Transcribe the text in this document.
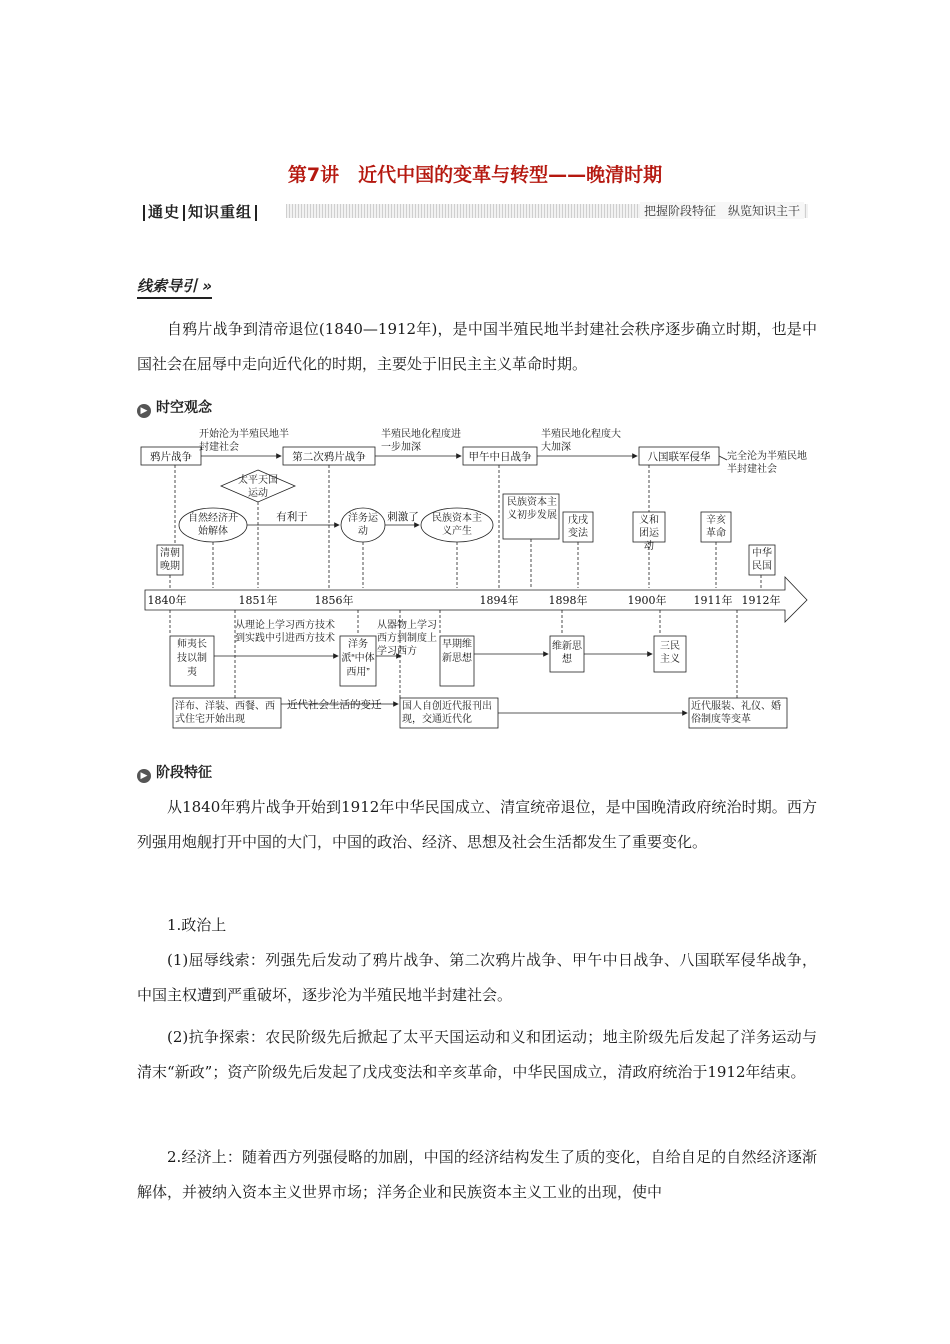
第7讲　近代中国的变革与转型——晚清时期
通史 知识重组	把握阶段特征　纵览知识主干
线索导引 »
自鸦片战争到清帝退位(1840—1912年)，是中国半殖民地半封建社会秩序逐步确立时期，也是中国社会在屈辱中走向近代化的时期，主要处于旧民主主义革命时期。
▶ 时空观念
鸦片战争	第二次鸦片战争	甲午中日战争	八国联军侵华
开始沦为半殖民地半封建社会
半殖民地化程度进一步加深
半殖民地化程度大大加深
完全沦为半殖民地半封建社会
太平天国运动
自然经济开始解体
有利于	洋务运动
刺激了	民族资本主义产生
民族资本主义初步发展	戊戌变法
义和团运动
辛亥革命
清朝晚期
中华民国
1840年	1851年	1856年	1894年	1898年	1900年 1911年 1912年
师夷长技以制夷
从理论上学习西方技术到实践中引进西方技术
洋务派“中体西用”
从器物上学习西方到制度上学习西方
早期维新思想
维新思想
三民主义
洋布、洋装、西餐、西式住宅开始出现
近代社会生活的变迁 国人自创近代报刊出现，交通近代化
近代服装、礼仪、婚俗制度等变革
▶ 阶段特征
从1840年鸦片战争开始到1912年中华民国成立、清宣统帝退位，是中国晚清政府统治时期。西方列强用炮舰打开中国的大门，中国的政治、经济、思想及社会生活都发生了重要变化。
1.政治上
(1)屈辱线索：列强先后发动了鸦片战争、第二次鸦片战争、甲午中日战争、八国联军侵华战争，中国主权遭到严重破坏，逐步沦为半殖民地半封建社会。
(2)抗争探索：农民阶级先后掀起了太平天国运动和义和团运动；地主阶级先后发起了洋务运动与清末“新政”；资产阶级先后发起了戊戌变法和辛亥革命，中华民国成立，清政府统治于1912年结束。
2.经济上：随着西方列强侵略的加剧，中国的经济结构发生了质的变化，自给自足的自然经济逐渐解体，并被纳入资本主义世界市场；洋务企业和民族资本主义工业的出现，使中
